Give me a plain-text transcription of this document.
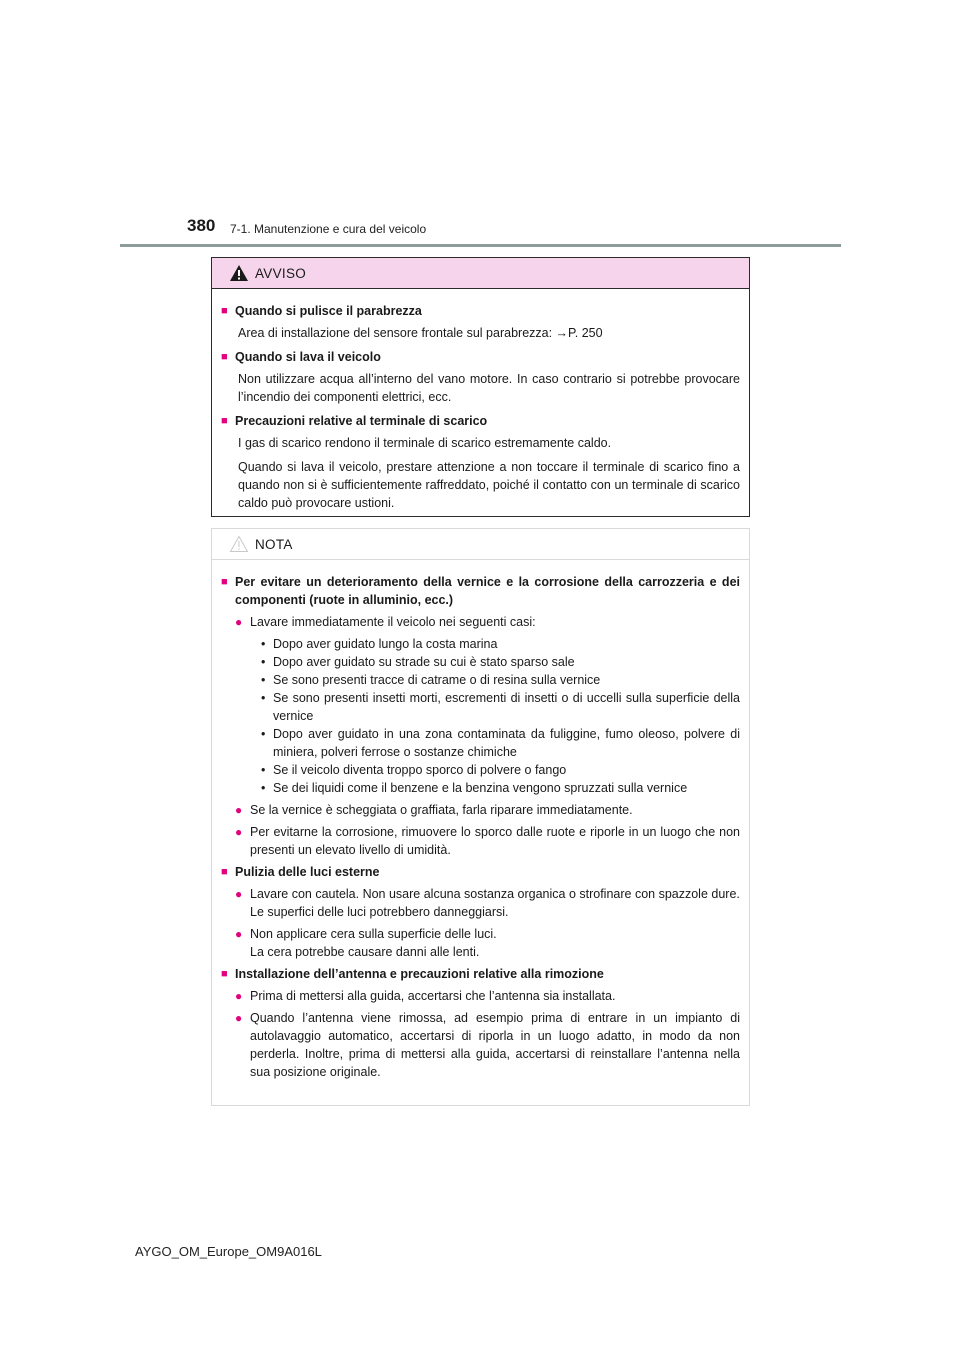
380 7-1. Manutenzione e cura del veicolo
AVVISO
■ Quando si pulisce il parabrezza
Area di installazione del sensore frontale sul parabrezza: →P. 250
■ Quando si lava il veicolo
Non utilizzare acqua all’interno del vano motore. In caso contrario si potrebbe provocare l’incendio dei componenti elettrici, ecc.
■ Precauzioni relative al terminale di scarico
I gas di scarico rendono il terminale di scarico estremamente caldo.
Quando si lava il veicolo, prestare attenzione a non toccare il terminale di scarico fino a quando non si è sufficientemente raffreddato, poiché il contatto con un terminale di scarico caldo può provocare ustioni.
NOTA
■ Per evitare un deterioramento della vernice e la corrosione della carrozzeria e dei componenti (ruote in alluminio, ecc.)
● Lavare immediatamente il veicolo nei seguenti casi:
• Dopo aver guidato lungo la costa marina
• Dopo aver guidato su strade su cui è stato sparso sale
• Se sono presenti tracce di catrame o di resina sulla vernice
• Se sono presenti insetti morti, escrementi di insetti o di uccelli sulla superficie della vernice
• Dopo aver guidato in una zona contaminata da fuliggine, fumo oleoso, polvere di miniera, polveri ferrose o sostanze chimiche
• Se il veicolo diventa troppo sporco di polvere o fango
• Se dei liquidi come il benzene e la benzina vengono spruzzati sulla vernice
● Se la vernice è scheggiata o graffiata, farla riparare immediatamente.
● Per evitarne la corrosione, rimuovere lo sporco dalle ruote e riporle in un luogo che non presenti un elevato livello di umidità.
■ Pulizia delle luci esterne
● Lavare con cautela. Non usare alcuna sostanza organica o strofinare con spazzole dure.
Le superfici delle luci potrebbero danneggiarsi.
● Non applicare cera sulla superficie delle luci.
La cera potrebbe causare danni alle lenti.
■ Installazione dell’antenna e precauzioni relative alla rimozione
● Prima di mettersi alla guida, accertarsi che l’antenna sia installata.
● Quando l’antenna viene rimossa, ad esempio prima di entrare in un impianto di autolavaggio automatico, accertarsi di riporla in un luogo adatto, in modo da non perderla. Inoltre, prima di mettersi alla guida, accertarsi di reinstallare l’antenna nella sua posizione originale.
AYGO_OM_Europe_OM9A016L
